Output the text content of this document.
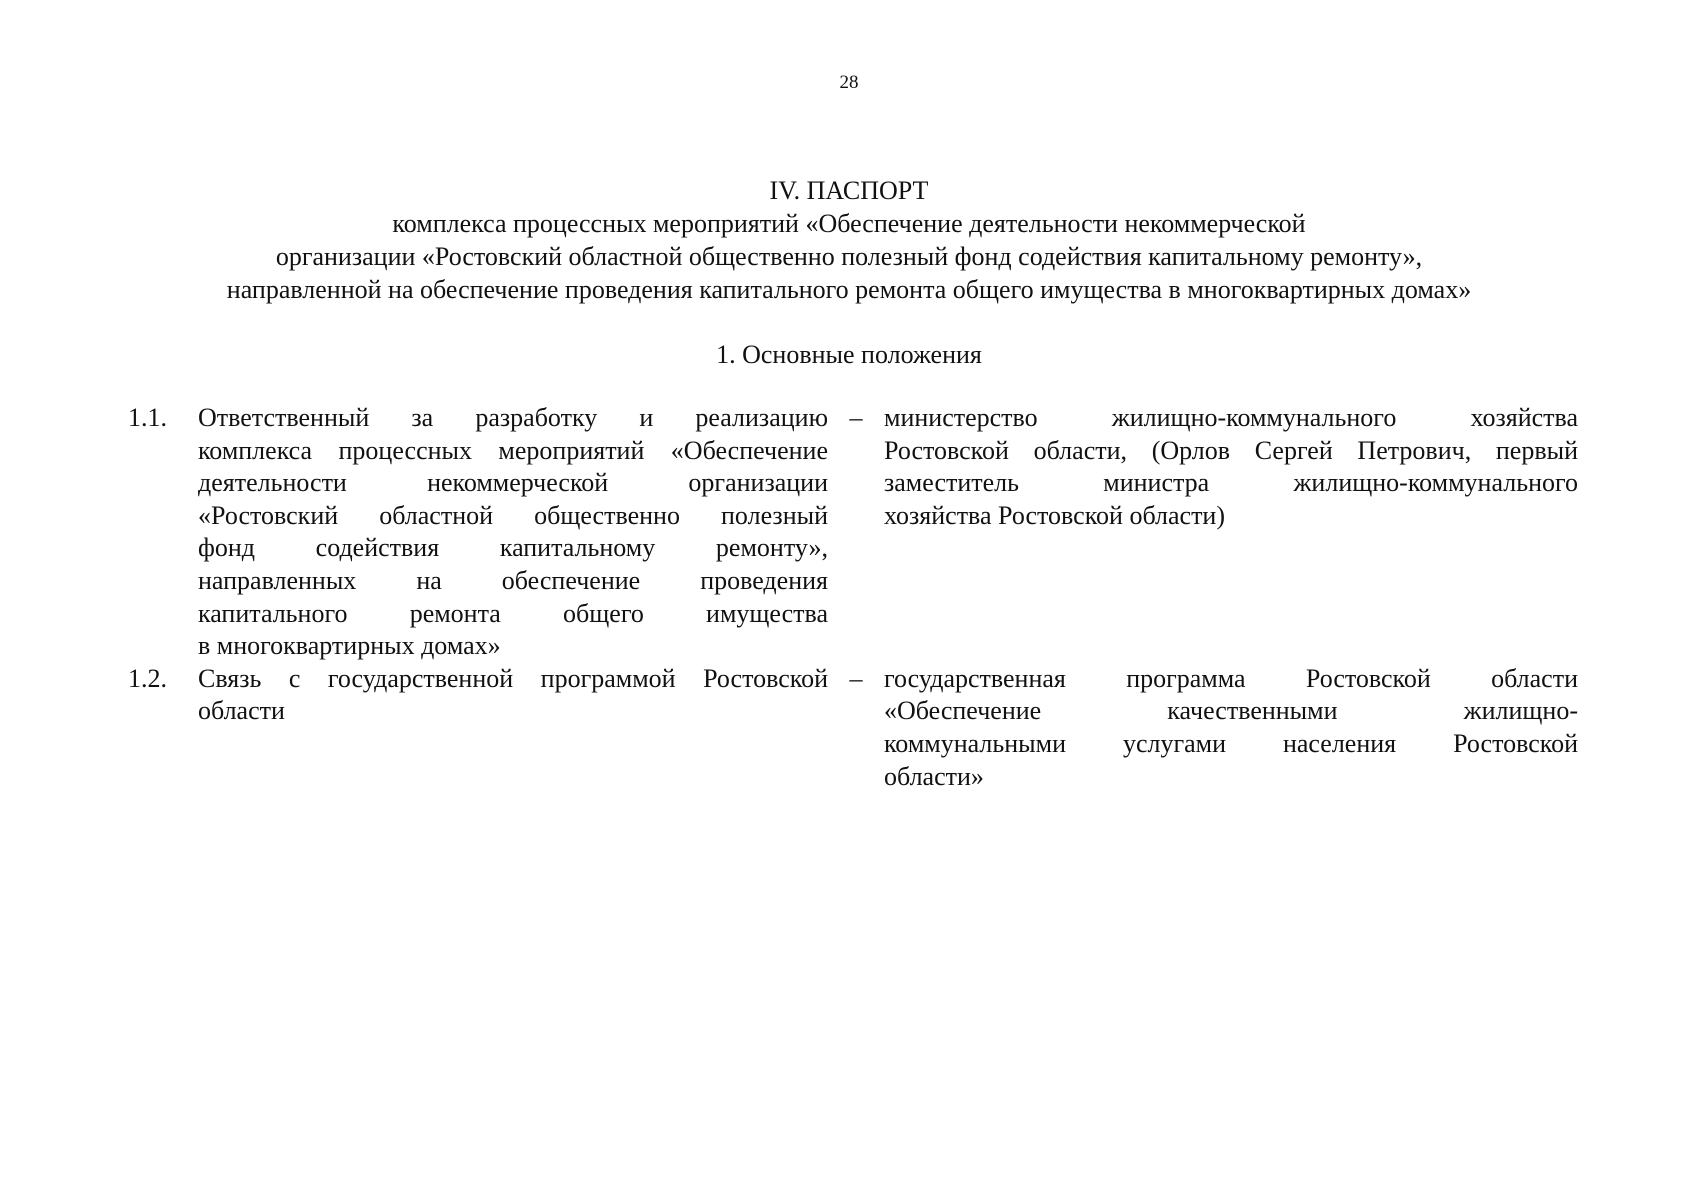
28
IV. ПАСПОРТ
комплекса процессных мероприятий «Обеспечение деятельности некоммерческой
организации «Ростовский областной общественно полезный фонд содействия капитальному ремонту»,
направленной на обеспечение проведения капитального ремонта общего имущества в многоквартирных домах»
1. Основные положения
1.1.	Ответственный за разработку и реализацию
комплекса процессных мероприятий «Обеспечение
деятельности некоммерческой организации
«Ростовский областной общественно полезный
фонд содействия капитальному ремонту»,
направленных на обеспечение проведения
капитального ремонта общего имущества
в многоквартирных домах»
– министерство жилищно-коммунального хозяйства
Ростовской области, (Орлов Сергей Петрович, первый
заместитель министра жилищно-коммунального
хозяйства Ростовской области)
1.2.	Связь с государственной программой Ростовской
области
– государственная программа Ростовской области
«Обеспечение качественными жилищно-
коммунальными услугами населения Ростовской
области»
